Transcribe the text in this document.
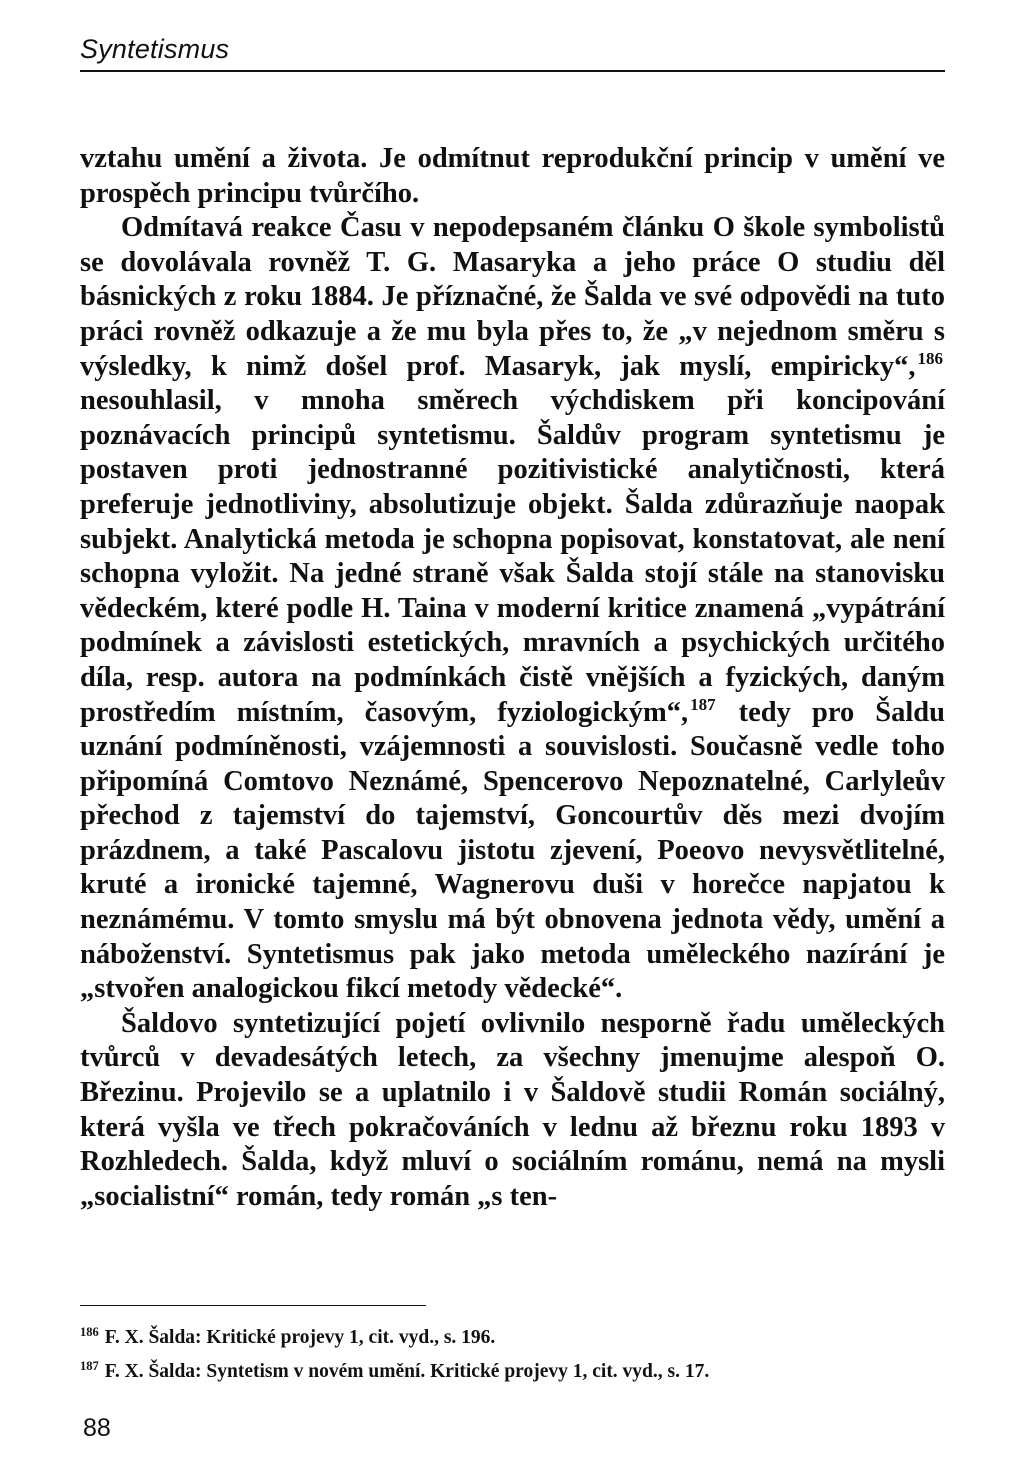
Syntetismus

vztahu umění a života. Je odmítnut reprodukční princip v umění ve prospěch principu tvůrčího.

Odmítavá reakce Času v nepodepsaném článku O škole symbolistů se dovolávala rovněž T. G. Masaryka a jeho práce O studiu děl básnických z roku 1884. Je příznačné, že Šalda ve své odpovědi na tuto práci rovněž odkazuje a že mu byla přes to, že „v nejednom směru s výsledky, k nimž došel prof. Masaryk, jak myslí, empiricky“, $^{186}$ nesouhlasil, v mnoha směrech výchdiskem při koncipování poznávacích principů syntetismu. Šaldův program syntetismu je postaven proti jednostranné pozitivistické analytičnosti, která preferuje jednotliviny, absolutizuje objekt. Šalda zdůrazňuje naopak subjekt. Analytická metoda je schopna popisovat, konstatovat, ale není schopna vyložit. Na jedné straně však Šalda stojí stále na stanovisku vědeckém, které podle H. Taina v moderní kritice znamená „vypátrání podmínek a závislosti estetických, mravních a psychických určitého díla, resp. autora na podmínkách čistě vnějších a fyzických, daným prostředím místním, časovým, fyziologickým“, $^{187}$ tedy pro Šaldu uznání podmíněnosti, vzájemnosti a souvislosti. Současně vedle toho připomíná Comtovo Neznámé, Spencerovo Nepoznatelné, Carlyleův přechod z tajemství do tajemství, Goncourtův děs mezi dvojím prázdnem, a také Pascalovu jistotu zjevení, Poeovo nevysvětlitelné, kruté a ironické tajemné, Wagnerovu duši v horečce napjatou k neznámému. V tomto smyslu má být obnovena jednota vědy, umění a náboženství. Syntetismus pak jako metoda uměleckého nazírání je „stvořen analogickou fikcí metody vědecké“.

Šaldovo syntetizující pojetí ovlivnilo nesporně řadu uměleckých tvůrců v devadesátých letech, za všechny jmenujme alespoň O. Březinu. Projevilo se a uplatnilo i v Šaldově studii Román sociálný, která vyšla ve třech pokračováních v lednu až březnu roku 1893 v Rozhledech. Šalda, když mluví o sociálním románu, nemá na mysli „socialistní“ román, tedy román „s ten-

$^{186}$ F. X. Šalda: Kritické projevy 1, cit. vyd., s. 196.
$^{187}$ F. X. Šalda: Syntetism v novém umění. Kritické projevy 1, cit. vyd., s. 17.
88
